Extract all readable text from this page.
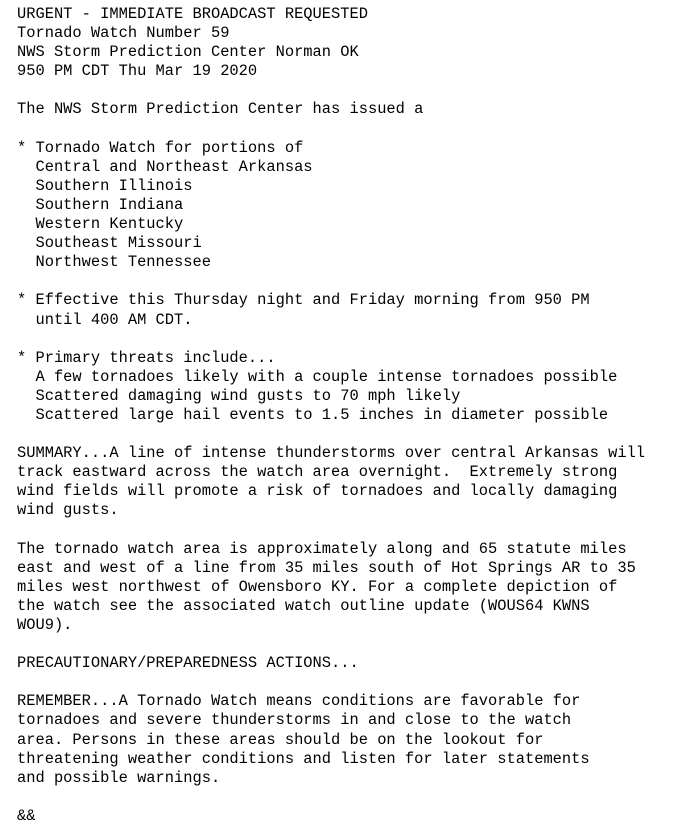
URGENT - IMMEDIATE BROADCAST REQUESTED
Tornado Watch Number 59
NWS Storm Prediction Center Norman OK
950 PM CDT Thu Mar 19 2020
The NWS Storm Prediction Center has issued a
* Tornado Watch for portions of
Central and Northeast Arkansas
Southern Illinois
Southern Indiana
Western Kentucky
Southeast Missouri
Northwest Tennessee
* Effective this Thursday night and Friday morning from 950 PM
until 400 AM CDT.
* Primary threats include...
A few tornadoes likely with a couple intense tornadoes possible
Scattered damaging wind gusts to 70 mph likely
Scattered large hail events to 1.5 inches in diameter possible
SUMMARY...A line of intense thunderstorms over central Arkansas will
track eastward across the watch area overnight.  Extremely strong
wind fields will promote a risk of tornadoes and locally damaging
wind gusts.
The tornado watch area is approximately along and 65 statute miles
east and west of a line from 35 miles south of Hot Springs AR to 35
miles west northwest of Owensboro KY. For a complete depiction of
the watch see the associated watch outline update (WOUS64 KWNS
WOU9).
PRECAUTIONARY/PREPAREDNESS ACTIONS...
REMEMBER...A Tornado Watch means conditions are favorable for
tornadoes and severe thunderstorms in and close to the watch
area. Persons in these areas should be on the lookout for
threatening weather conditions and listen for later statements
and possible warnings.
&&
